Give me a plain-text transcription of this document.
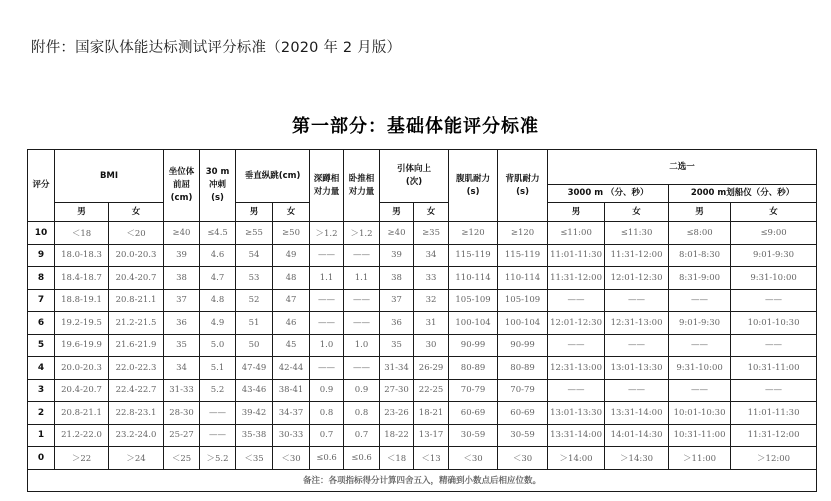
附件：国家队体能达标测试评分标准（2020 年 2 月版）
第一部分：基础体能评分标准
评分	BMI		坐位体
前屈
(cm)	30 m
冲刺
(s)	垂直纵跳(cm)		深蹲相
对力量	卧推相
对力量	引体向上
(次)		腹肌耐力
(s)	背肌耐力
(s)	二选一			
													3000 m （分、秒）		2000 m划船仪（分、秒）	
	男	女			男	女			男	女			男	女	男	女
10	＜18	＜20	≥40	≤4.5	≥55	≥50	＞1.2	＞1.2	≥40	≥35	≥120	≥120	≤11:00	≤11:30	≤8:00	≤9:00
9	18.0-18.3	20.0-20.3	39	4.6	54	49	——	——	39	34	115-119	115-119	11:01-11:30	11:31-12:00	8:01-8:30	9:01-9:30
8	18.4-18.7	20.4-20.7	38	4.7	53	48	1.1	1.1	38	33	110-114	110-114	11:31-12:00	12:01-12:30	8:31-9:00	9:31-10:00
7	18.8-19.1	20.8-21.1	37	4.8	52	47	——	——	37	32	105-109	105-109	——	——	——	——
6	19.2-19.5	21.2-21.5	36	4.9	51	46	——	——	36	31	100-104	100-104	12:01-12:30	12:31-13:00	9:01-9:30	10:01-10:30
5	19.6-19.9	21.6-21.9	35	5.0	50	45	1.0	1.0	35	30	90-99	90-99	——	——	——	——
4	20.0-20.3	22.0-22.3	34	5.1	47-49	42-44	——	——	31-34	26-29	80-89	80-89	12:31-13:00	13:01-13:30	9:31-10:00	10:31-11:00
3	20.4-20.7	22.4-22.7	31-33	5.2	43-46	38-41	0.9	0.9	27-30	22-25	70-79	70-79	——	——	——	——
2	20.8-21.1	22.8-23.1	28-30	——	39-42	34-37	0.8	0.8	23-26	18-21	60-69	60-69	13:01-13:30	13:31-14:00	10:01-10:30	11:01-11:30
1	21.2-22.0	23.2-24.0	25-27	——	35-38	30-33	0.7	0.7	18-22	13-17	30-59	30-59	13:31-14:00	14:01-14:30	10:31-11:00	11:31-12:00
0	＞22	＞24	＜25	＞5.2	＜35	＜30	≤0.6	≤0.6	＜18	＜13	＜30	＜30	＞14:00	＞14:30	＞11:00	＞12:00
备注：各项指标得分计算四舍五入，精确到小数点后相应位数。																
